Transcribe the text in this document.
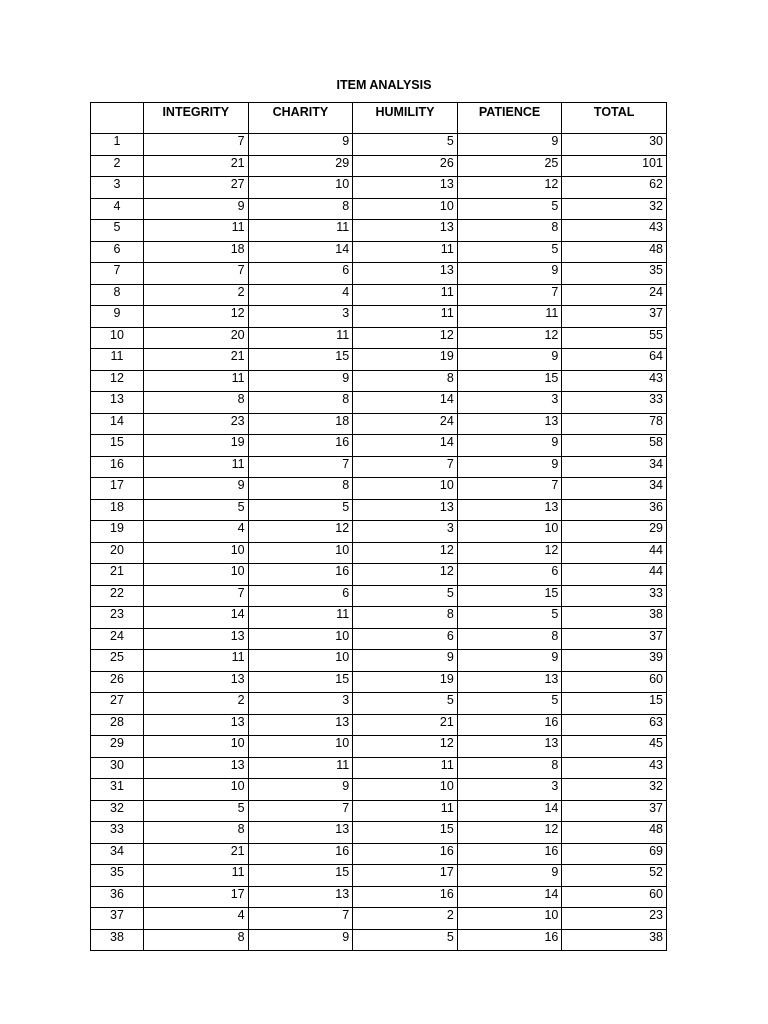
ITEM ANALYSIS
	INTEGRITY	CHARITY	HUMILITY	PATIENCE	TOTAL
1	7	9	5	9	30
2	21	29	26	25	101
3	27	10	13	12	62
4	9	8	10	5	32
5	11	11	13	8	43
6	18	14	11	5	48
7	7	6	13	9	35
8	2	4	11	7	24
9	12	3	11	11	37
10	20	11	12	12	55
11	21	15	19	9	64
12	11	9	8	15	43
13	8	8	14	3	33
14	23	18	24	13	78
15	19	16	14	9	58
16	11	7	7	9	34
17	9	8	10	7	34
18	5	5	13	13	36
19	4	12	3	10	29
20	10	10	12	12	44
21	10	16	12	6	44
22	7	6	5	15	33
23	14	11	8	5	38
24	13	10	6	8	37
25	11	10	9	9	39
26	13	15	19	13	60
27	2	3	5	5	15
28	13	13	21	16	63
29	10	10	12	13	45
30	13	11	11	8	43
31	10	9	10	3	32
32	5	7	11	14	37
33	8	13	15	12	48
34	21	16	16	16	69
35	11	15	17	9	52
36	17	13	16	14	60
37	4	7	2	10	23
38	8	9	5	16	38
